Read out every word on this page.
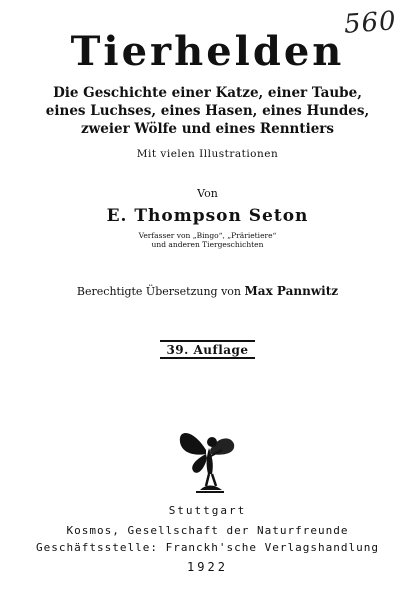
560
Tierhelden
Die Geschichte einer Katze, einer Taube,
eines Luchses, eines Hasen, eines Hundes,
zweier Wölfe und eines Renntiers
Mit vielen Illustrationen
Von
E. Thompson Seton
Verfasser von „Bingo“, „Prärietiere“
und anderen Tiergeschichten
Berechtigte Übersetzung von Max Pannwitz
39. Auflage
Stuttgart
Kosmos, Gesellschaft der Naturfreunde
Geschäftsstelle: Franckh'sche Verlagshandlung
1922
